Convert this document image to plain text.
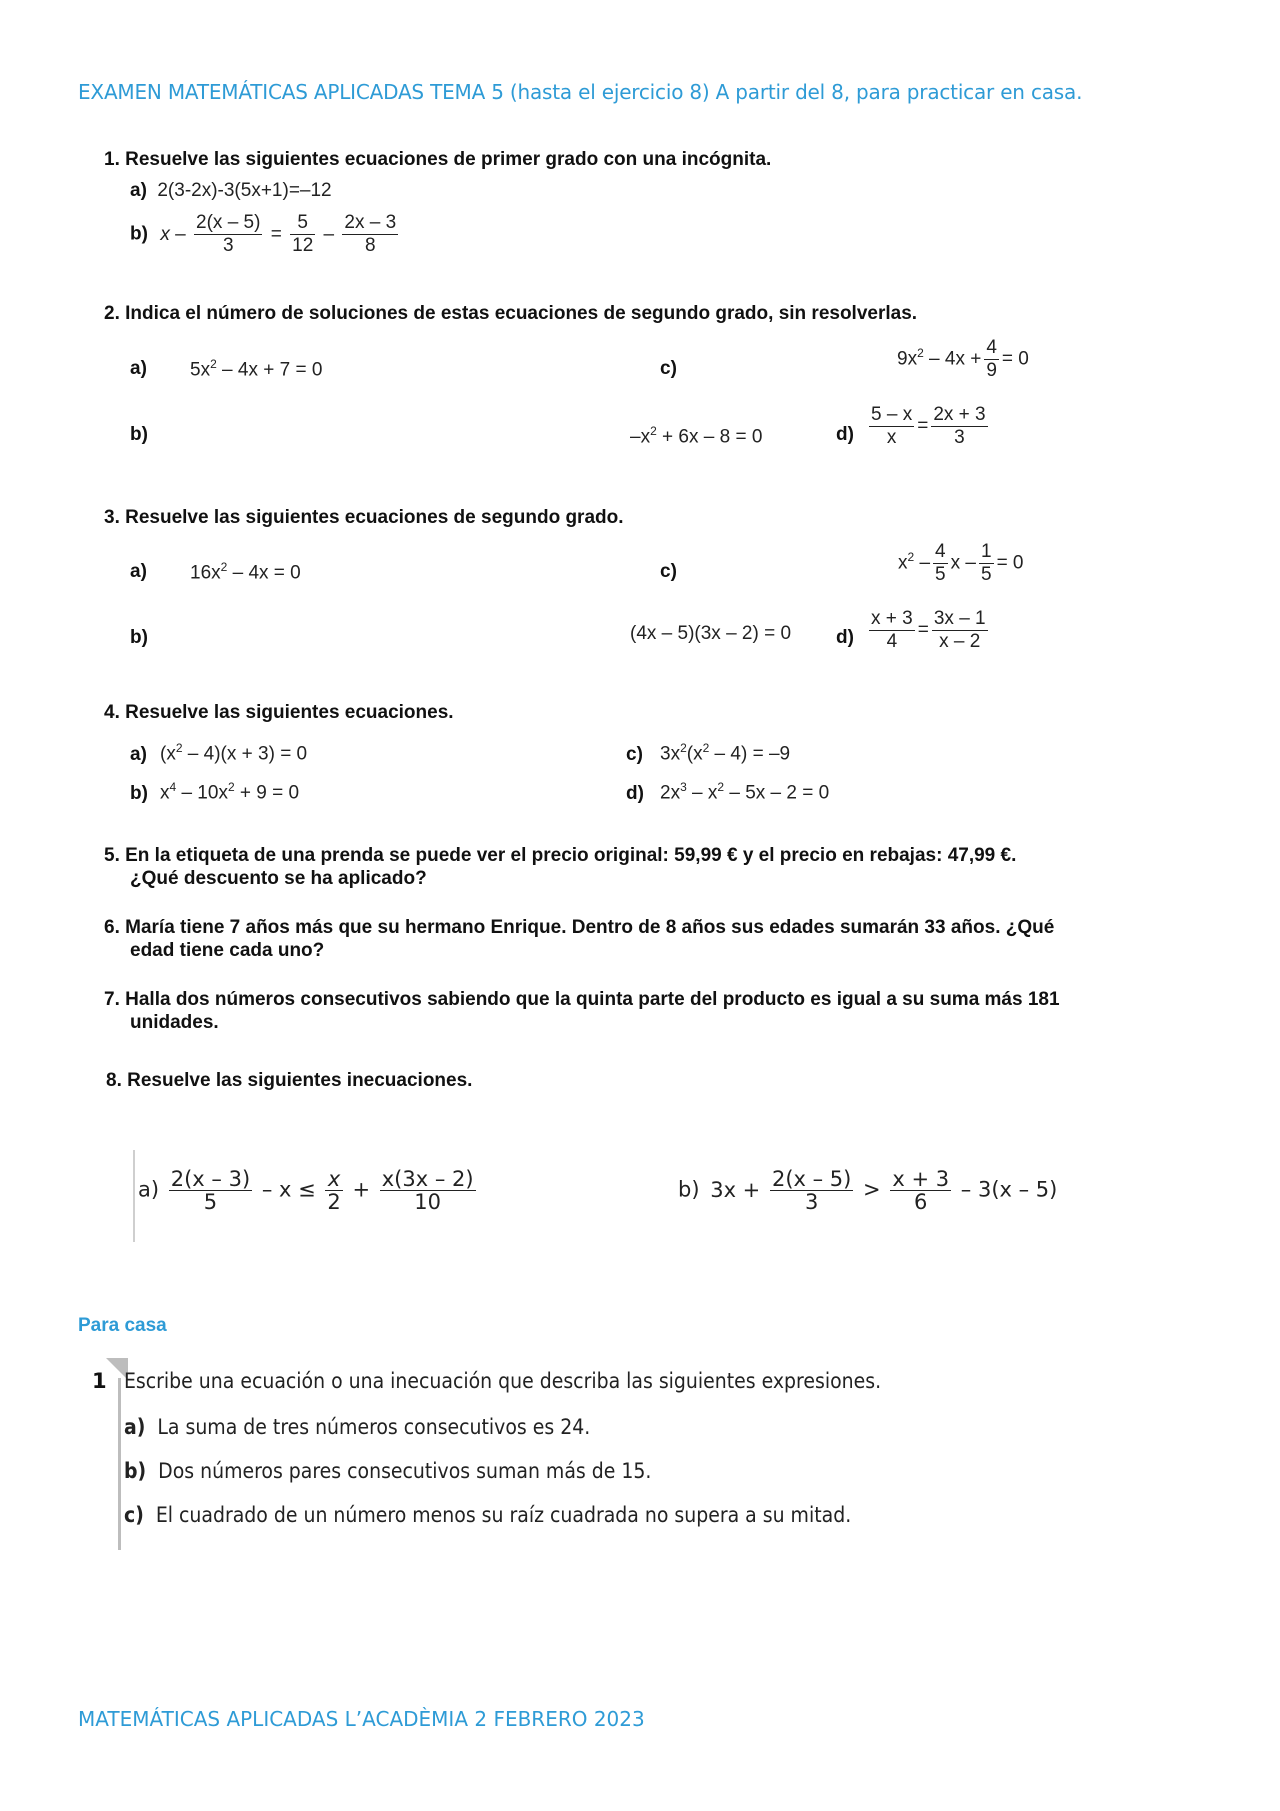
EXAMEN MATEMÁTICAS APLICADAS TEMA 5 (hasta el ejercicio 8) A partir del 8, para practicar en casa.
1. Resuelve las siguientes ecuaciones de primer grado con una incógnita.
a) 2(3-2x)-3(5x+1)=–12
b) $x - \frac{2(x - 5)}{3} = \frac{5}{12} - \frac{2x - 3}{8}$
2. Indica el número de soluciones de estas ecuaciones de segundo grado, sin resolverlas.
a) $5x^2 - 4x + 7 = 0$	c)	$9x^2 - 4x + \frac{4}{9} = 0$
b)	$-x^2 + 6x - 8 = 0$	$d) \frac{5 - x}{x} = \frac{2x + 3}{3}$
3. Resuelve las siguientes ecuaciones de segundo grado.
a) $16x^2 - 4x = 0$	c)	$x^2 - \frac{4}{5}$ $x - \frac{1}{5} = 0$
b)	(4x – 5)(3x – 2) = 0 $d) \frac{x + 3}{4} = \frac{3x - 1}{x - 2}$
4. Resuelve las siguientes ecuaciones.
a) $(x^2 - 4)(x + 3) = 0$	c) $3x^2(x^2 - 4) = -9$
b) $x^4 - 10x^2 + 9 = 0$	d) $2x^3 - x^2 - 5x - 2 = 0$
5. En la etiqueta de una prenda se puede ver el precio original: 59,99 € y el precio en rebajas: 47,99 €.
¿Qué descuento se ha aplicado?
6. María tiene 7 años más que su hermano Enrique. Dentro de 8 años sus edades sumarán 33 años. ¿Qué
edad tiene cada uno?
7. Halla dos números consecutivos sabiendo que la quinta parte del producto es igual a su suma más 181
unidades.
8. Resuelve las siguientes inecuaciones.
$a) \frac{2(x - 3)}{5} - x \le \frac{x}{2} + \frac{x(3x - 2)}{10}$	b) $3x + \frac{2(x - 5)}{3} > \frac{x + 3}{6} - 3(x - 5)$
Para casa
1 Escribe una ecuación o una inecuación que describa las siguientes expresiones.
a) La suma de tres números consecutivos es 24.
b) Dos números pares consecutivos suman más de 15.
c) El cuadrado de un número menos su raíz cuadrada no supera a su mitad.
MATEMÁTICAS APLICADAS L’ACADÈMIA 2 FEBRERO 2023
